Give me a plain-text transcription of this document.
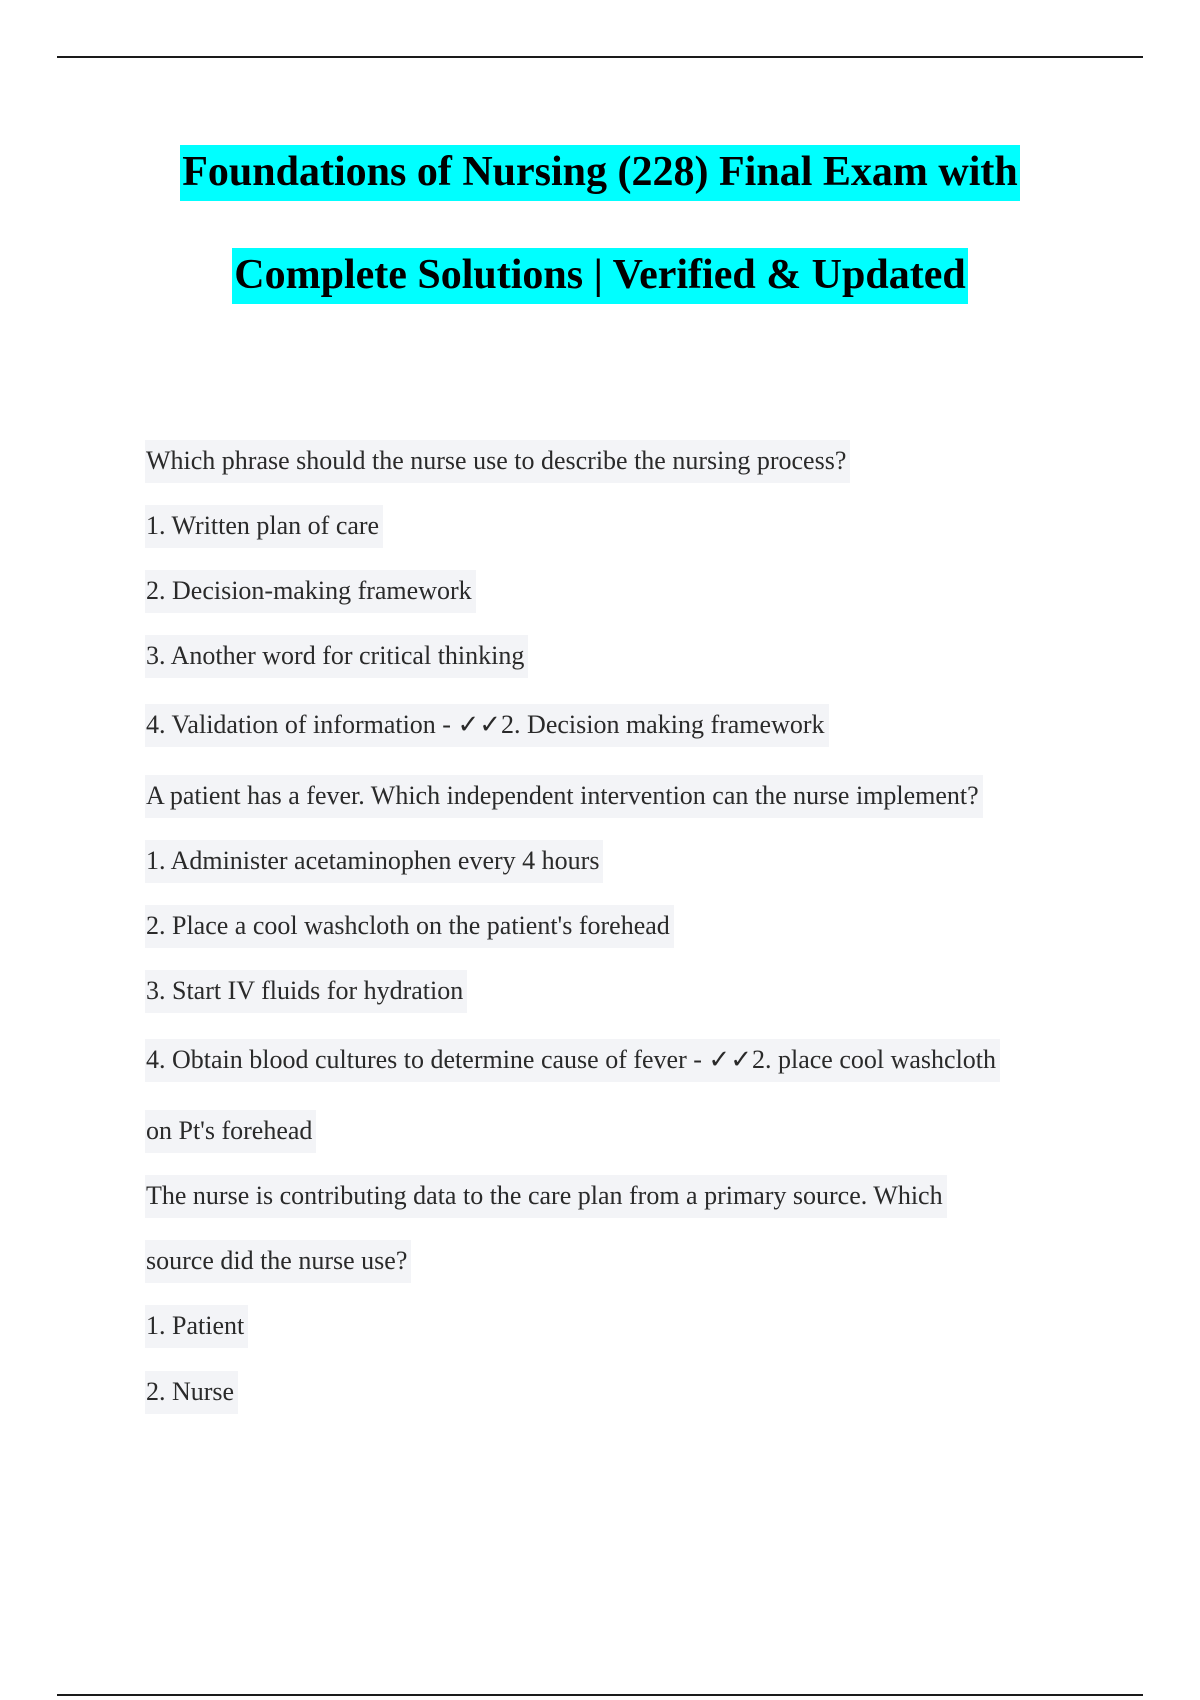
Foundations of Nursing (228) Final Exam with
Complete Solutions | Verified & Updated
Which phrase should the nurse use to describe the nursing process?
1. Written plan of care
2. Decision-making framework
3. Another word for critical thinking
4. Validation of information - ✓✓2. Decision making framework
A patient has a fever. Which independent intervention can the nurse implement?
1. Administer acetaminophen every 4 hours
2. Place a cool washcloth on the patient's forehead
3. Start IV fluids for hydration
4. Obtain blood cultures to determine cause of fever - ✓✓2. place cool washcloth
on Pt's forehead
The nurse is contributing data to the care plan from a primary source. Which
source did the nurse use?
1. Patient
2. Nurse
